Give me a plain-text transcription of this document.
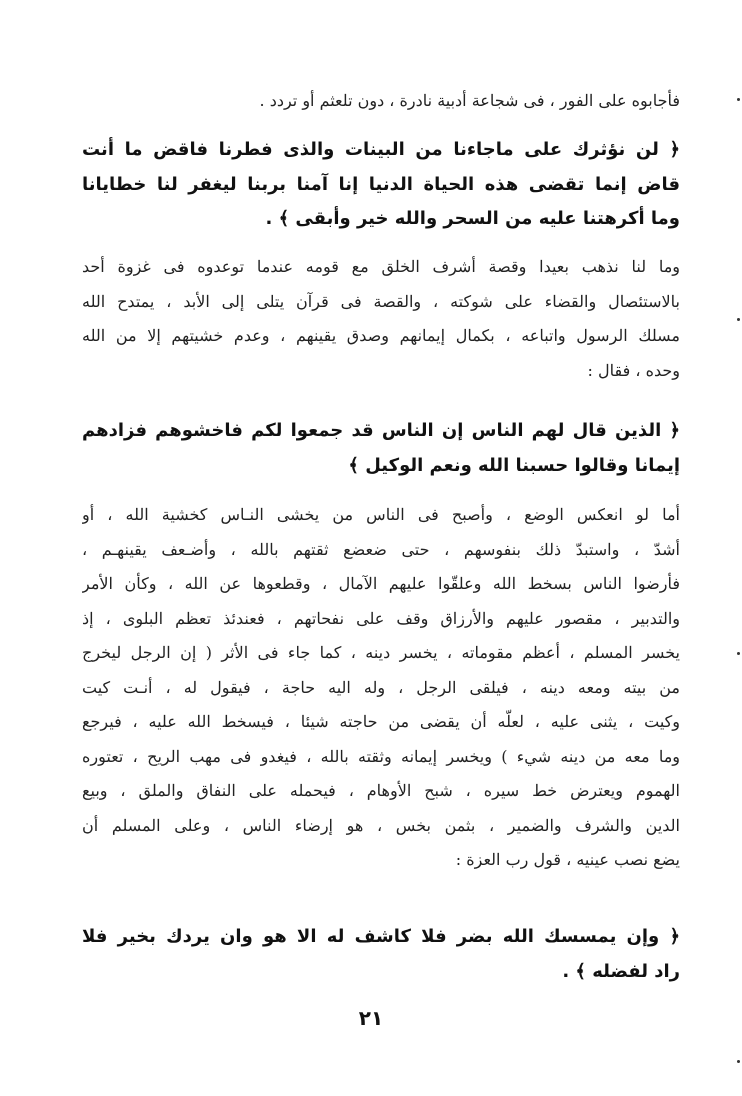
فأجابوه على الفور ، فى شجاعة أدبية نادرة ، دون تلعثم أو تردد .
﴿ لن نؤثرك على ماجاءنا من البينات والذى فطرنا فاقض ما أنت
قاض إنما تقضى هذه الحياة الدنيا إنا آمنا بربنا ليغفر لنا خطايانا
وما أكرهتنا عليه من السحر والله خير وأبقى ﴾ .
وما لنا نذهب بعيدا وقصة أشرف الخلق مع قومه عندما توعدوه فى غزوة أحد
بالاستئصال والقضاء على شوكته ، والقصة فى قرآن يتلى إلى الأبد ، يمتدح الله
مسلك الرسول واتباعه ، بكمال إيمانهم وصدق يقينهم ، وعدم خشيتهم إلا من الله
وحده ، فقال :
﴿ الذين قال لهم الناس إن الناس قد جمعوا لكم فاخشوهم فزادهم
إيمانا وقالوا حسبنا الله ونعم الوكيل ﴾
أما لو انعكس الوضع ، وأصبح فى الناس من يخشى النـاس كخشية الله ، أو
أشدّ ، واستبدّ ذلك بنفوسهم ، حتى ضعضع ثقتهم بالله ، وأضـعف يقينهـم ،
فأرضوا الناس بسخط الله وعلقّوا عليهم الآمال ، وقطعوها عن الله ، وكأن الأمر
والتدبير ، مقصور عليهم والأرزاق وقف على نفحاتهم ، فعندئذ تعظم البلوى ، إذ
يخسر المسلم ، أعظم مقوماته ، يخسر دينه ، كما جاء فى الأثر ( إن الرجل ليخرج
من بيته ومعه دينه ، فيلقى الرجل ، وله اليه حاجة ، فيقول له ، أنـت كيت
وكيت ، يثنى عليه ، لعلّه أن يقضى من حاجته شيئا ، فيسخط الله عليه ، فيرجع
وما معه من دينه شيء ) ويخسر إيمانه وثقته بالله ، فيغدو فى مهب الريح ، تعتوره
الهموم ويعترض خط سيره ، شبح الأوهام ، فيحمله على النفاق والملق ، وبيع
الدين والشرف والضمير ، بثمن بخس ، هو إرضاء الناس ، وعلى المسلم أن
يضع نصب عينيه ، قول رب العزة :
﴿ وإن يمسسك الله بضر فلا كاشف له الا هو وان يردك بخير فلا
راد لفضله ﴾ .
٢١
